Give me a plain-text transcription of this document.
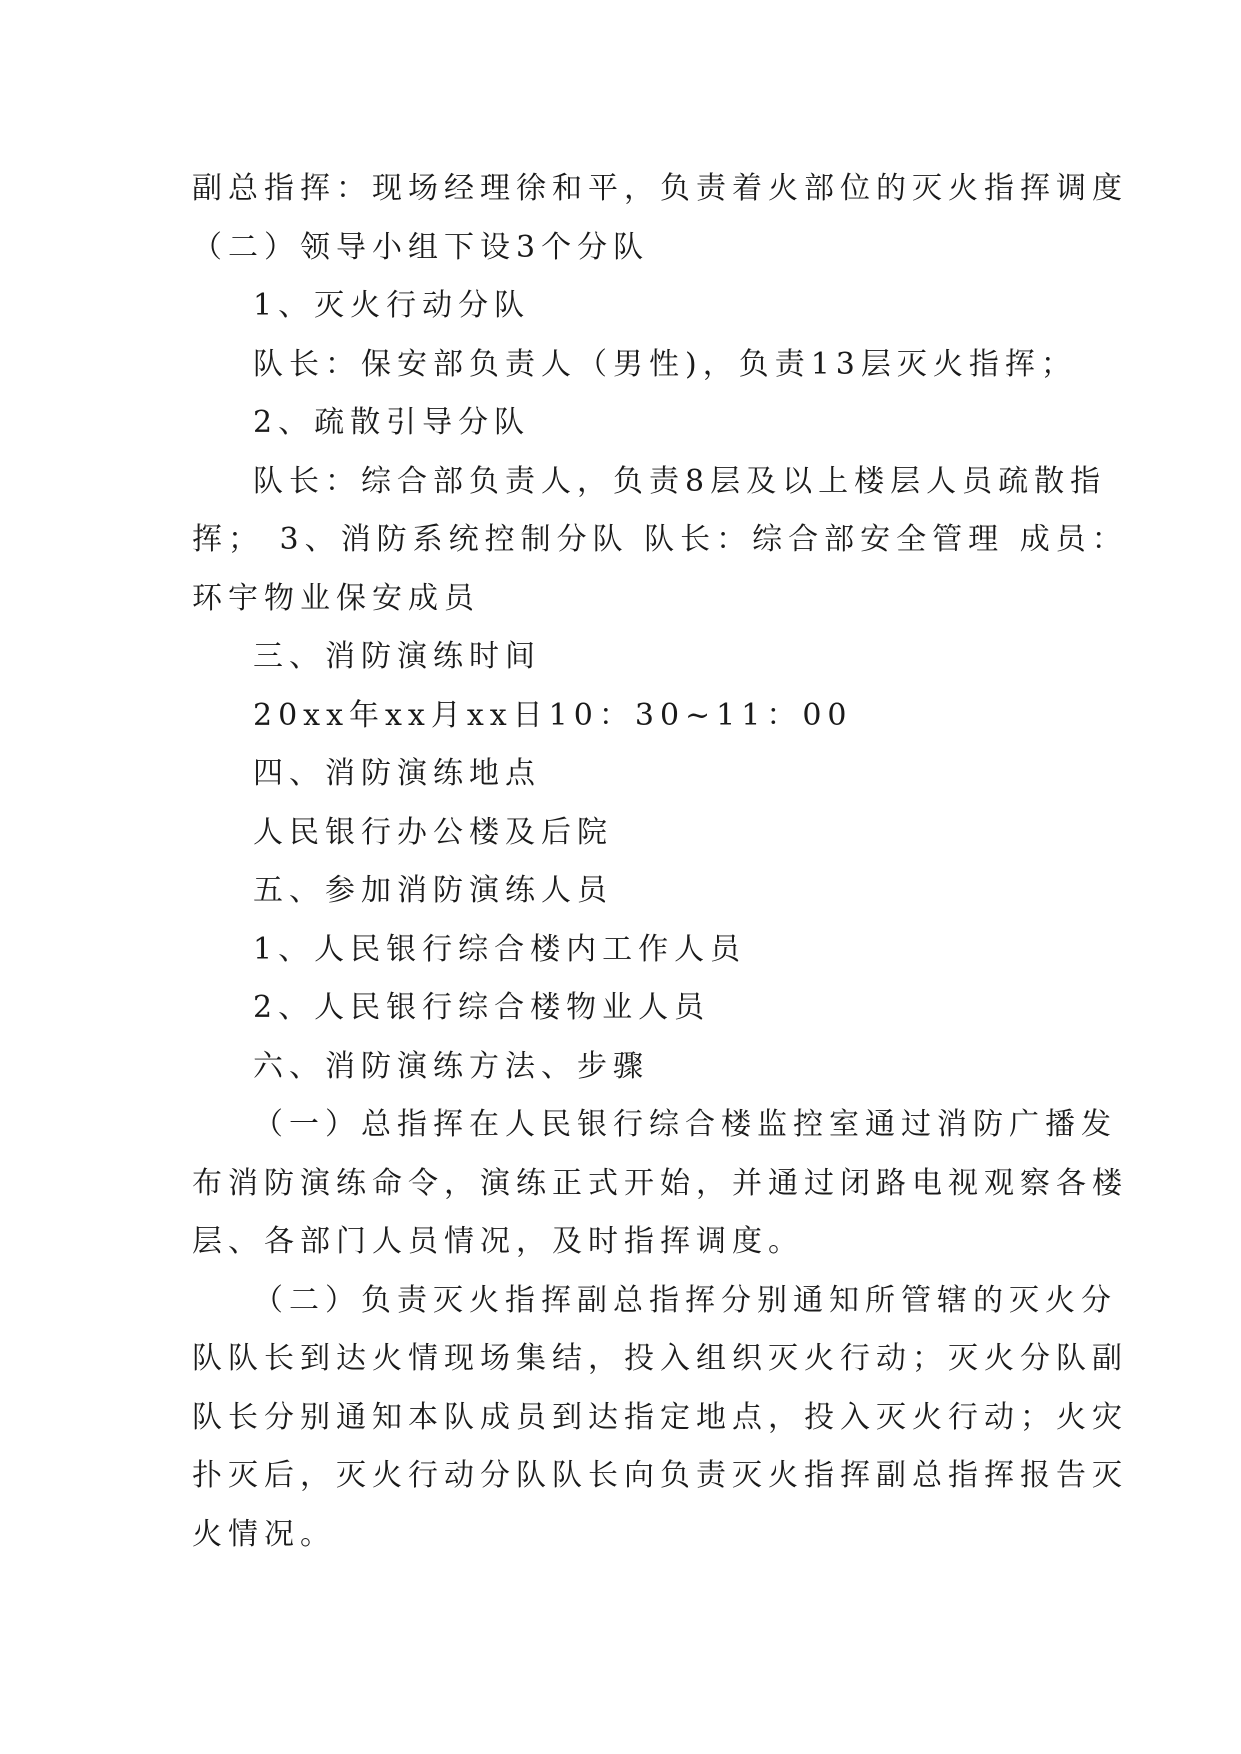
副总指挥：现场经理徐和平，负责着火部位的灭火指挥调度
（二）领导小组下设3个分队
1、灭火行动分队
队长：保安部负责人（男性)，负责13层灭火指挥；
2、疏散引导分队
队长：综合部负责人，负责8层及以上楼层人员疏散指
挥； 3、消防系统控制分队 队长：综合部安全管理 成员：
环宇物业保安成员
三、消防演练时间
20xx年xx月xx日10：30~11：00
四、消防演练地点
人民银行办公楼及后院
五、参加消防演练人员
1、人民银行综合楼内工作人员
2、人民银行综合楼物业人员
六、消防演练方法、步骤
（一）总指挥在人民银行综合楼监控室通过消防广播发
布消防演练命令，演练正式开始，并通过闭路电视观察各楼
层、各部门人员情况，及时指挥调度。
（二）负责灭火指挥副总指挥分别通知所管辖的灭火分
队队长到达火情现场集结，投入组织灭火行动；灭火分队副
队长分别通知本队成员到达指定地点，投入灭火行动；火灾
扑灭后，灭火行动分队队长向负责灭火指挥副总指挥报告灭
火情况。
